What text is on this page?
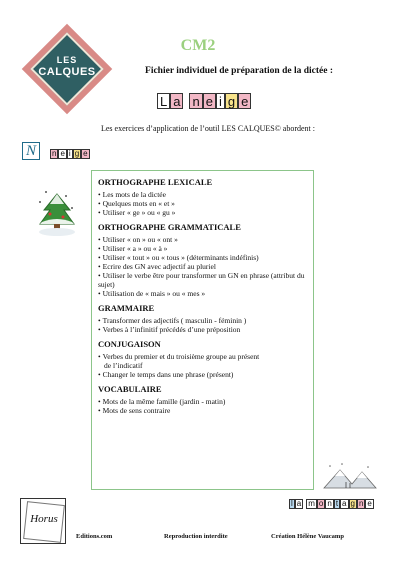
LES
CALQUES
CM2
Fichier individuel de préparation de la dictée :
L a n e i g e
Les exercices d’application de l’outil LES CALQUES© abordent :
N	n e i g e
ORTHOGRAPHE LEXICALE
• Les mots de la dictée
• Quelques mots en « et »
• Utiliser « ge » ou « gu »
ORTHOGRAPHE GRAMMATICALE
• Utiliser « on » ou « ont »
• Utiliser « a » ou « à »
• Utiliser « tout » ou « tous » (déterminants indéfinis)
• Ecrire des GN avec adjectif au pluriel
• Utiliser le verbe être pour transformer un GN en phrase (attribut du sujet)
• Utilisation de « mais » ou « mes »
GRAMMAIRE
• Transformer des adjectifs ( masculin - féminin )
• Verbes à l’infinitif précédés d’une préposition
CONJUGAISON
• Verbes du premier et du troisième groupe au présent
de l’indicatif
• Changer le temps dans une phrase (présent)
VOCABULAIRE
• Mots de la même famille (jardin - matin)
• Mots de sens contraire
l a m o n t a g n e
Horus
Editions.com	Reproduction interdite	Création Hélène Vaucamp
